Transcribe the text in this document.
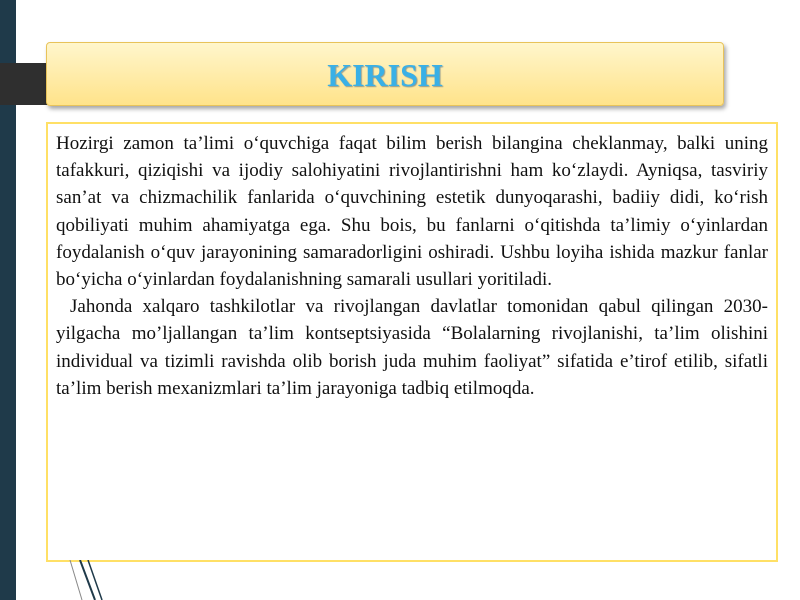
KIRISH

Hozirgi zamon ta’limi o‘quvchiga faqat bilim berish bilangina cheklanmay, balki uning tafakkuri, qiziqishi va ijodiy salohiyatini rivojlantirishni ham ko‘zlaydi. Ayniqsa, tasviriy san’at va chizmachilik fanlarida o‘quvchining estetik dunyoqarashi, badiiy didi, ko‘rish qobiliyati muhim ahamiyatga ega. Shu bois, bu fanlarni o‘qitishda ta’limiy o‘yinlardan foydalanish o‘quv jarayonining samaradorligini oshiradi. Ushbu loyiha ishida mazkur fanlar bo‘yicha o‘yinlardan foydalanishning samarali usullari yoritiladi.

Jahonda xalqaro tashkilotlar va rivojlangan davlatlar tomonidan qabul qilingan 2030-yilgacha mo’ljallangan ta’lim kontseptsiyasida “Bolalarning rivojlanishi, ta’lim olishini individual va tizimli ravishda olib borish juda muhim faoliyat” sifatida e’tirof etilib, sifatli ta’lim berish mexanizmlari ta’lim jarayoniga tadbiq etilmoqda.
